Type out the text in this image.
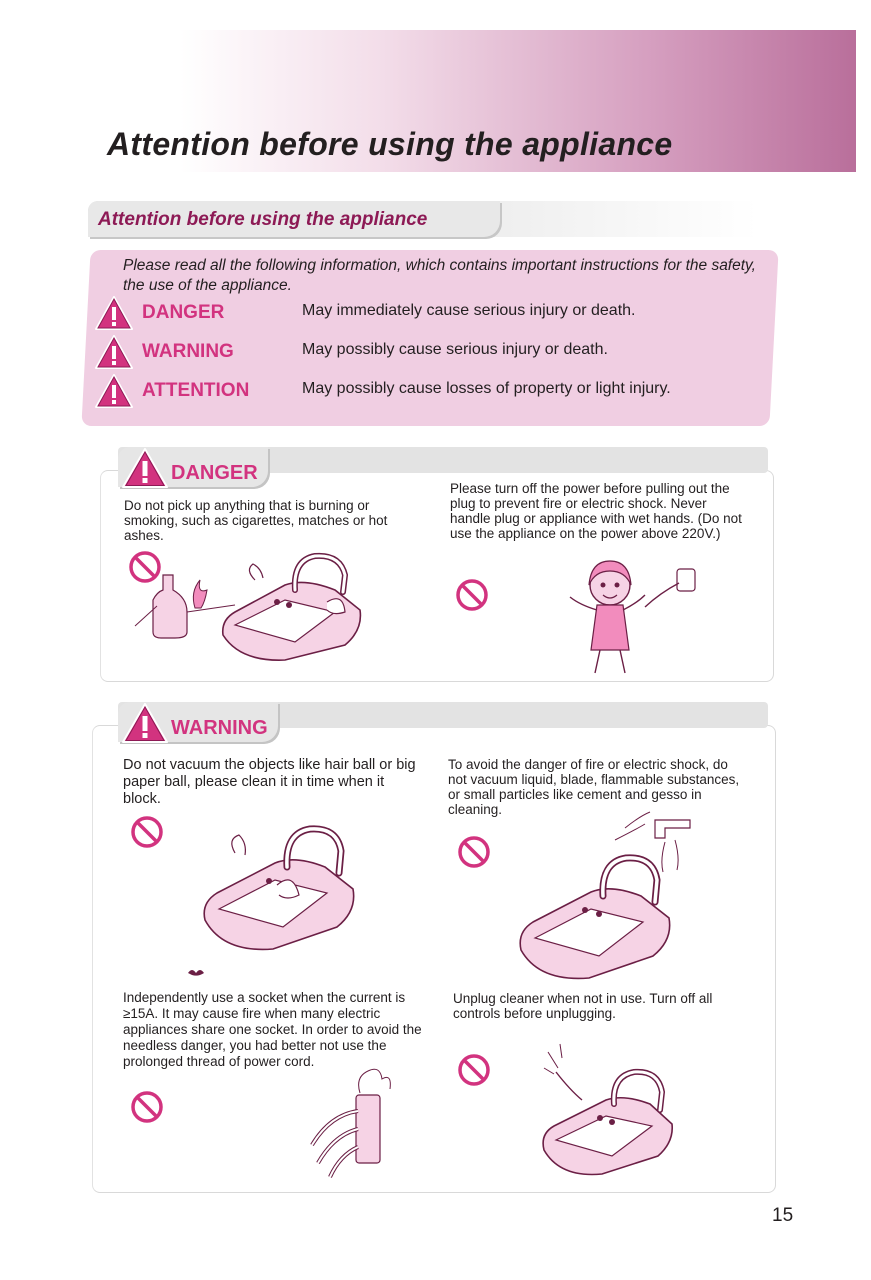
Attention before using the appliance
Attention before using the appliance
Please read all the following information, which contains important instructions for the safety, the use of the appliance.
DANGER	May immediately cause serious injury or death.
WARNING	May possibly cause serious injury or death.
ATTENTION	May possibly cause losses of property or light injury.
DANGER
Do not pick up anything that is burning or smoking, such as cigarettes, matches or hot ashes.
Please turn off the power before pulling out the plug to prevent fire or electric shock. Never handle plug or appliance with wet hands. (Do not use the appliance on the power above 220V.)
WARNING
Do not vacuum the objects like hair ball or big paper ball, please clean it in time when it block.
To avoid the danger of fire or electric shock, do not vacuum liquid, blade, flammable substances, or small particles like cement and gesso in cleaning.
Independently use a socket when the current is ≥15A. It may cause fire when many electric appliances share one socket. In order to avoid the needless danger, you had better not use the prolonged thread of power cord.
Unplug cleaner when not in use. Turn off all controls before unplugging.
15
